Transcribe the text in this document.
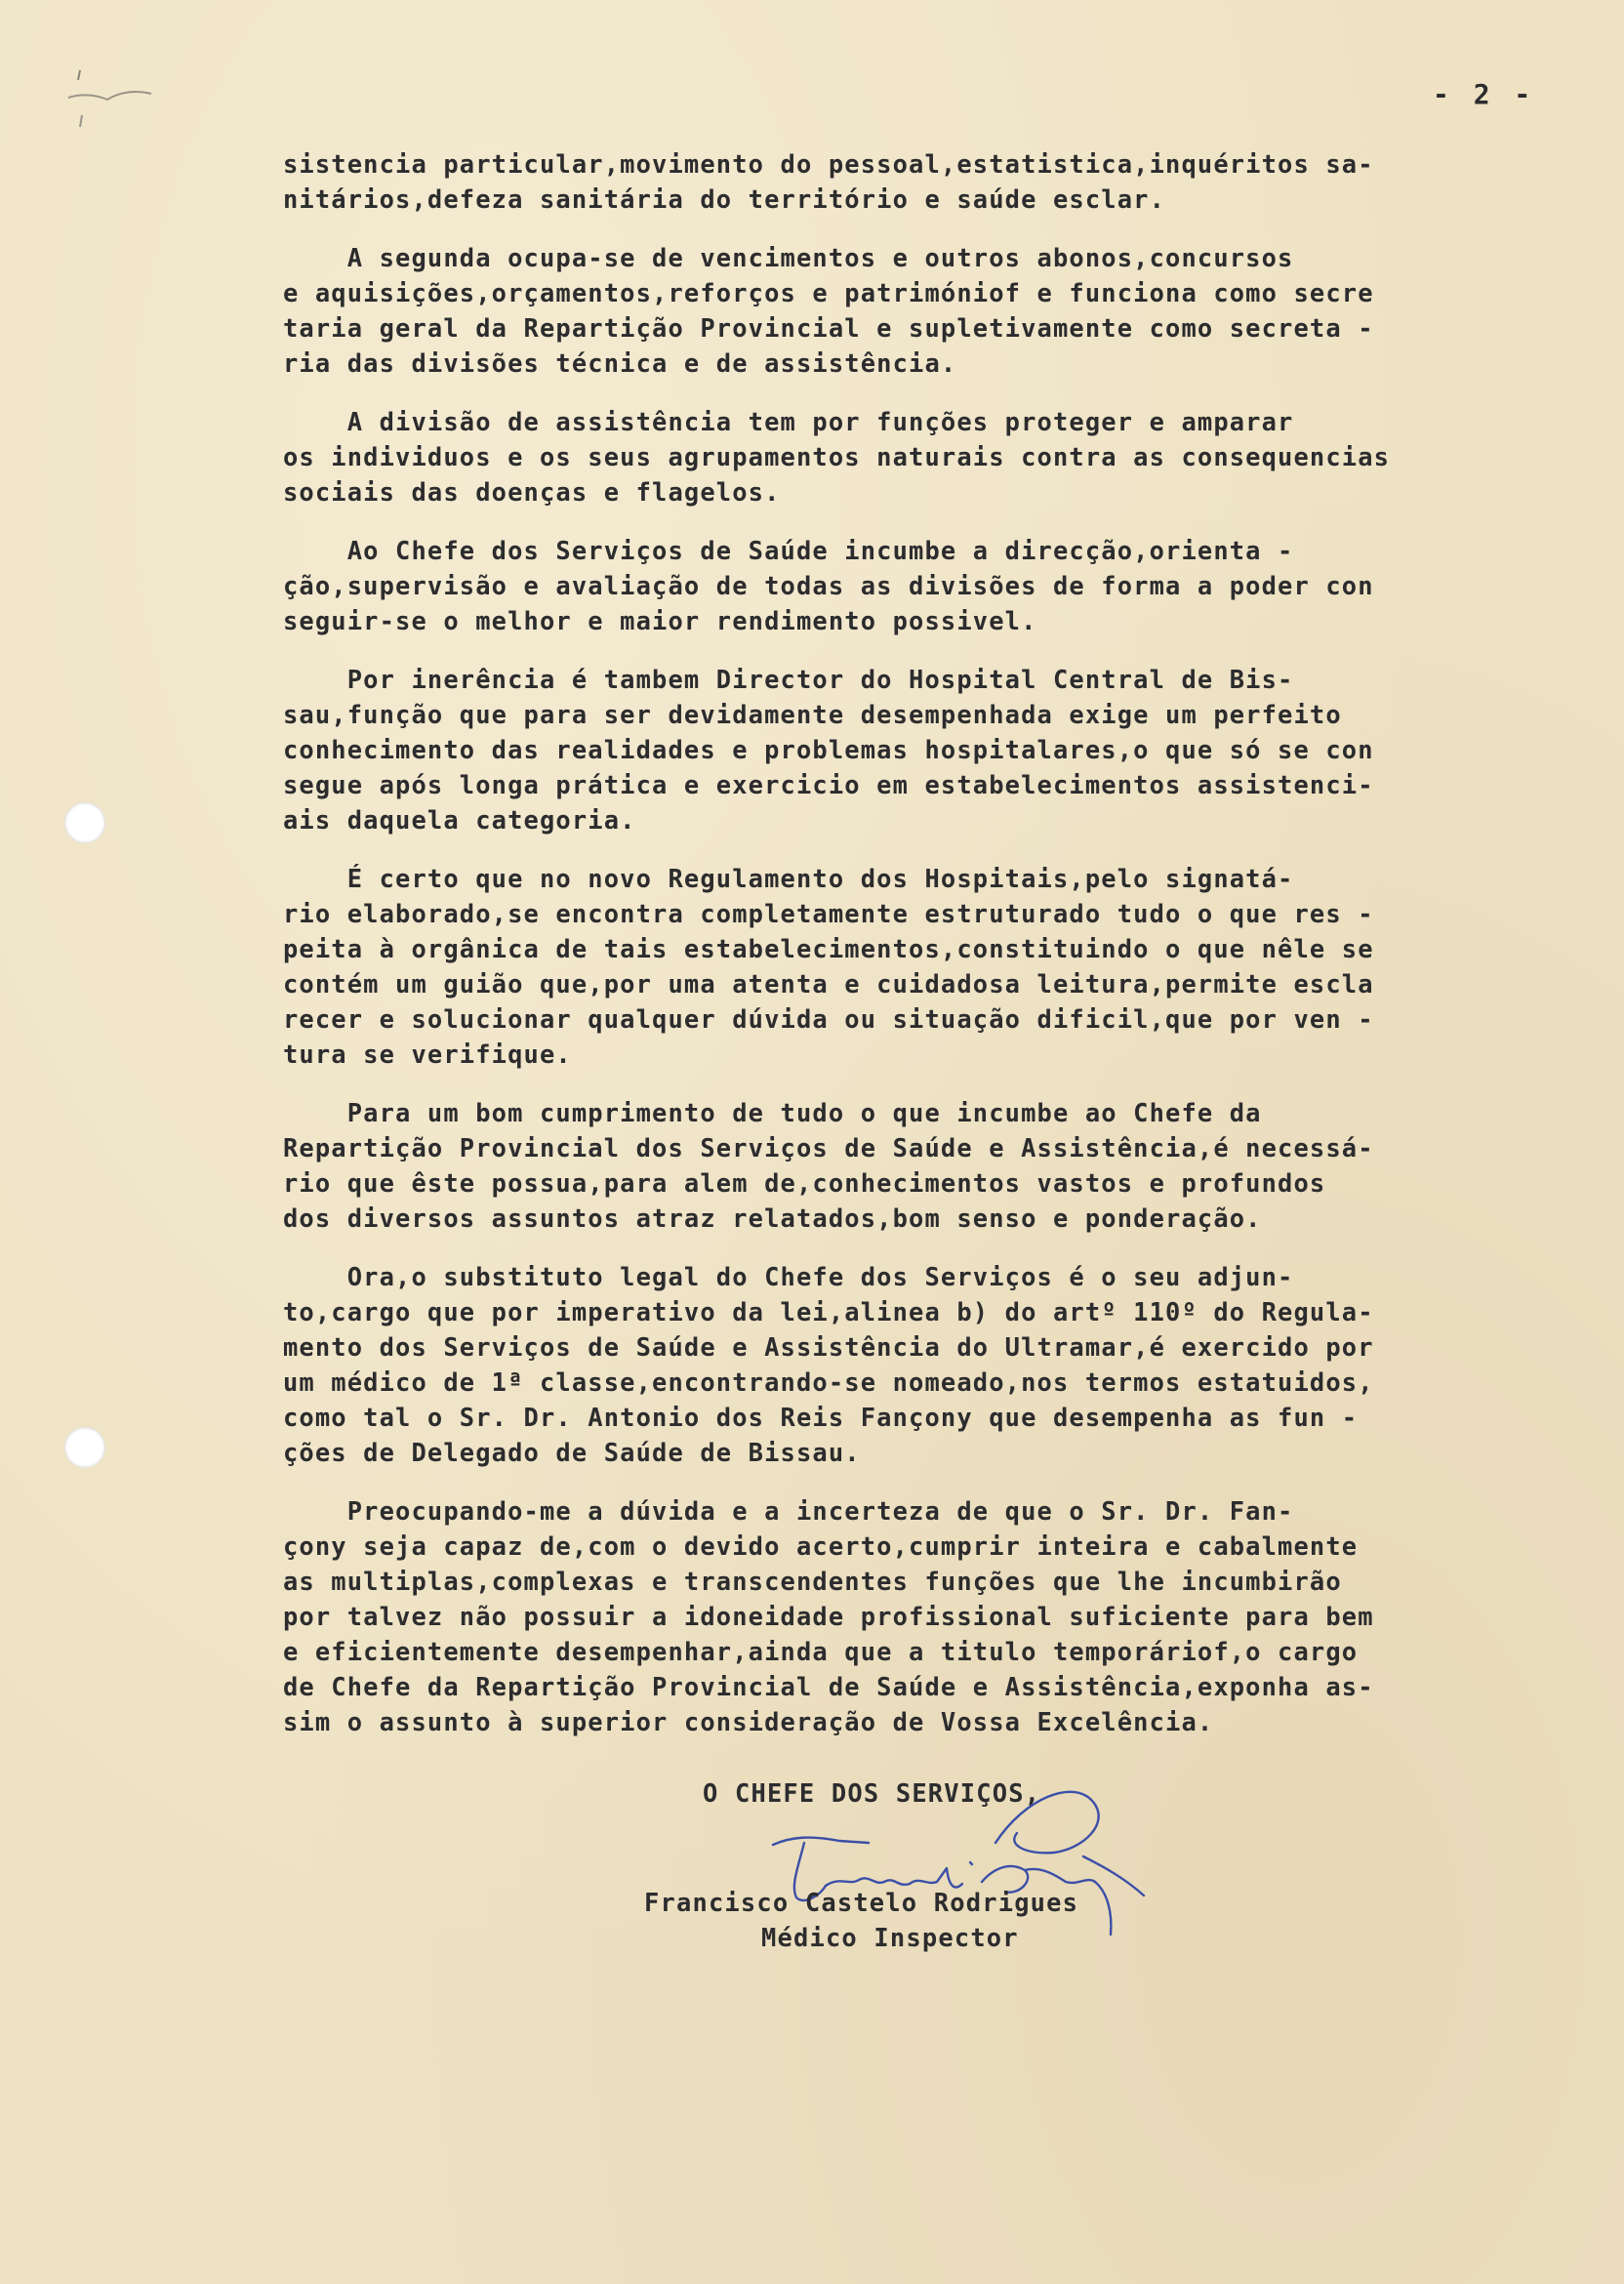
- 2 -
sistencia particular,movimento do pessoal,estatistica,inquéritos sa-
nitários,defeza sanitária do território e saúde esclar.
A segunda ocupa-se de vencimentos e outros abonos,concursos
e aquisições,orçamentos,reforços e patrimóniof e funciona como secre
taria geral da Repartição Provincial e supletivamente como secreta -
ria das divisões técnica e de assistência.
A divisão de assistência tem por funções proteger e amparar
os individuos e os seus agrupamentos naturais contra as consequencias
sociais das doenças e flagelos.
Ao Chefe dos Serviços de Saúde incumbe a direcção,orienta -
ção,supervisão e avaliação de todas as divisões de forma a poder con
seguir-se o melhor e maior rendimento possivel.
Por inerência é tambem Director do Hospital Central de Bis-
sau,função que para ser devidamente desempenhada exige um perfeito
conhecimento das realidades e problemas hospitalares,o que só se con
segue após longa prática e exercicio em estabelecimentos assistenci-
ais daquela categoria.
É certo que no novo Regulamento dos Hospitais,pelo signatá-
rio elaborado,se encontra completamente estruturado tudo o que res -
peita à orgânica de tais estabelecimentos,constituindo o que nêle se
contém um guião que,por uma atenta e cuidadosa leitura,permite escla
recer e solucionar qualquer dúvida ou situação dificil,que por ven -
tura se verifique.
Para um bom cumprimento de tudo o que incumbe ao Chefe da
Repartição Provincial dos Serviços de Saúde e Assistência,é necessá-
rio que êste possua,para alem de,conhecimentos vastos e profundos
dos diversos assuntos atraz relatados,bom senso e ponderação.
Ora,o substituto legal do Chefe dos Serviços é o seu adjun-
to,cargo que por imperativo da lei,alinea b) do artº 110º do Regula-
mento dos Serviços de Saúde e Assistência do Ultramar,é exercido por
um médico de 1ª classe,encontrando-se nomeado,nos termos estatuidos,
como tal o Sr. Dr. Antonio dos Reis Fançony que desempenha as fun -
ções de Delegado de Saúde de Bissau.
Preocupando-me a dúvida e a incerteza de que o Sr. Dr. Fan-
çony seja capaz de,com o devido acerto,cumprir inteira e cabalmente
as multiplas,complexas e transcendentes funções que lhe incumbirão
por talvez não possuir a idoneidade profissional suficiente para bem
e eficientemente desempenhar,ainda que a titulo temporáriof,o cargo
de Chefe da Repartição Provincial de Saúde e Assistência,exponha as-
sim o assunto à superior consideração de Vossa Excelência.
O CHEFE DOS SERVIÇOS,
Francisco Castelo Rodrigues
Médico Inspector
